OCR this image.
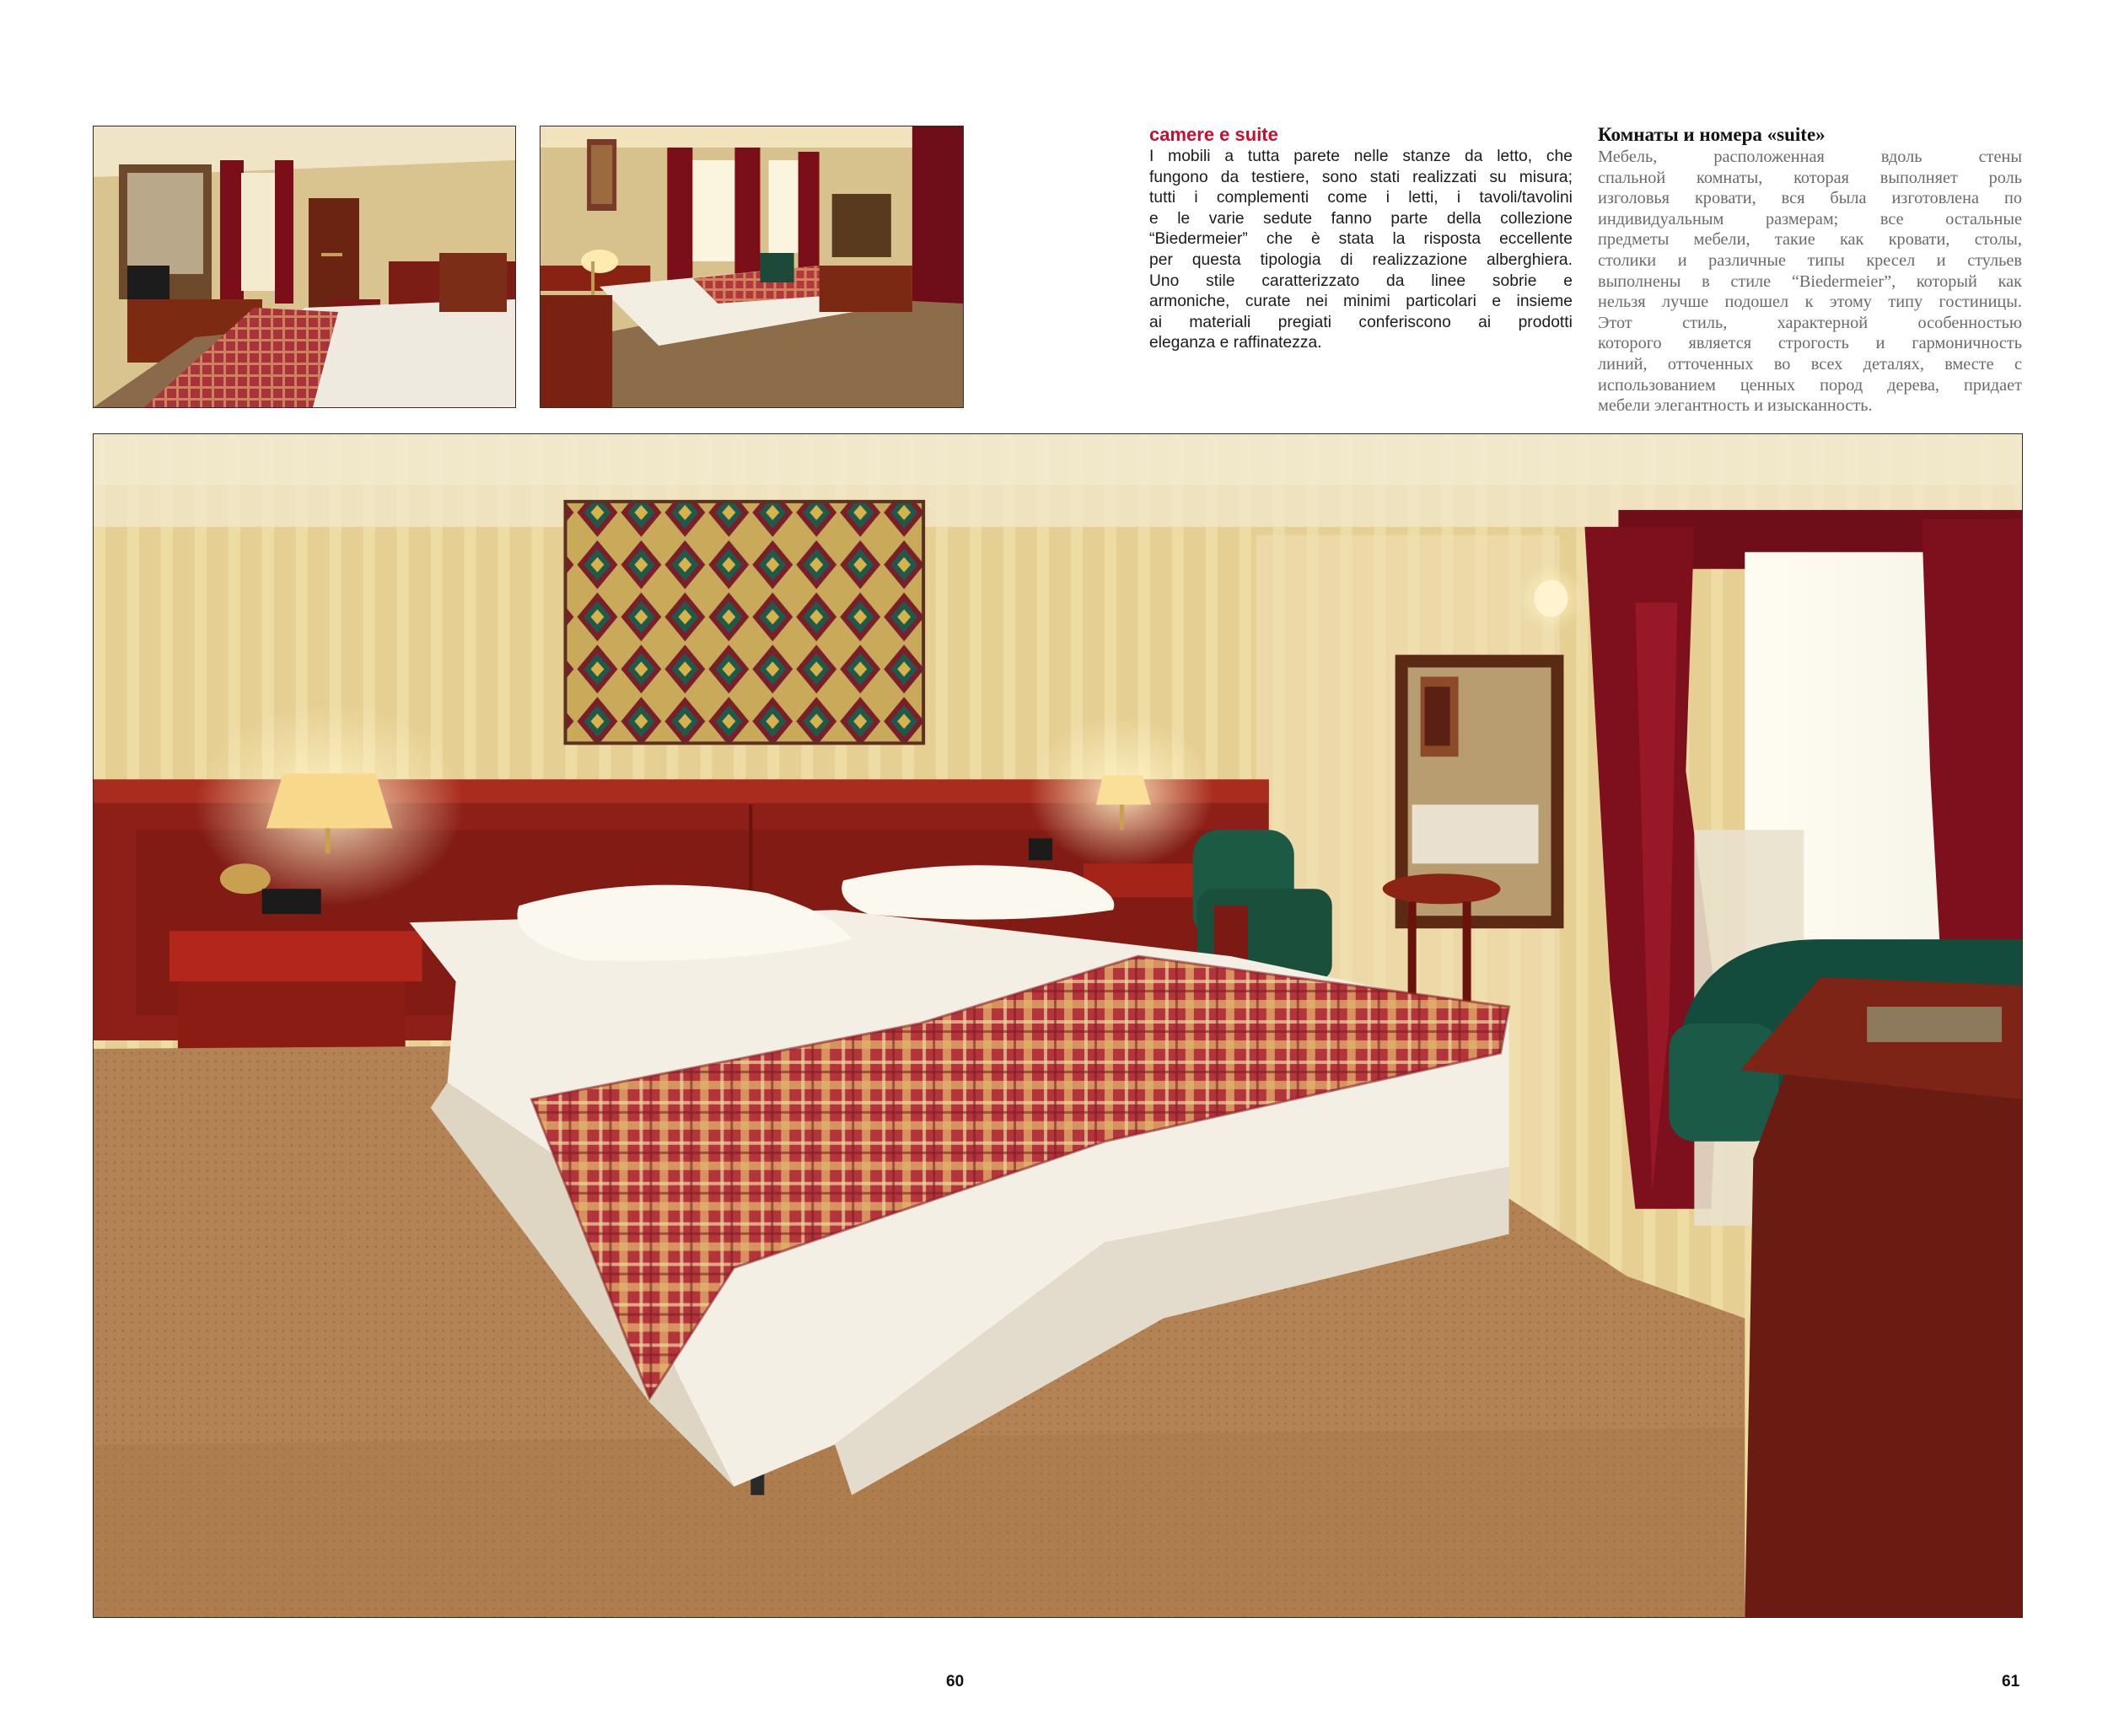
camere e suite

I mobili a tutta parete nelle stanze da letto, che
fungono da testiere, sono stati realizzati su misura;
tutti i complementi come i letti, i tavoli/tavolini
e le varie sedute fanno parte della collezione
“Biedermeier” che è stata la risposta eccellente
per questa tipologia di realizzazione alberghiera.
Uno stile caratterizzato da linee sobrie e
armoniche, curate nei minimi particolari e insieme
ai materiali pregiati conferiscono ai prodotti
eleganza e raffinatezza.

Комнаты и номера «suite»

Мебель, расположенная вдоль стены
спальной комнаты, которая выполняет роль
изголовья кровати, вся была изготовлена по
индивидуальным размерам; все остальные
предметы мебели, такие как кровати, столы,
столики и различные типы кресел и стульев
выполнены в стиле “Biedermeier”, который как
нельзя лучше подошел к этому типу гостиницы.
Этот стиль, характерной особенностью
которого является строгость и гармоничность
линий, отточенных во всех деталях, вместе с
использованием ценных пород дерева, придает
мебели элегантность и изысканность.

60	61
